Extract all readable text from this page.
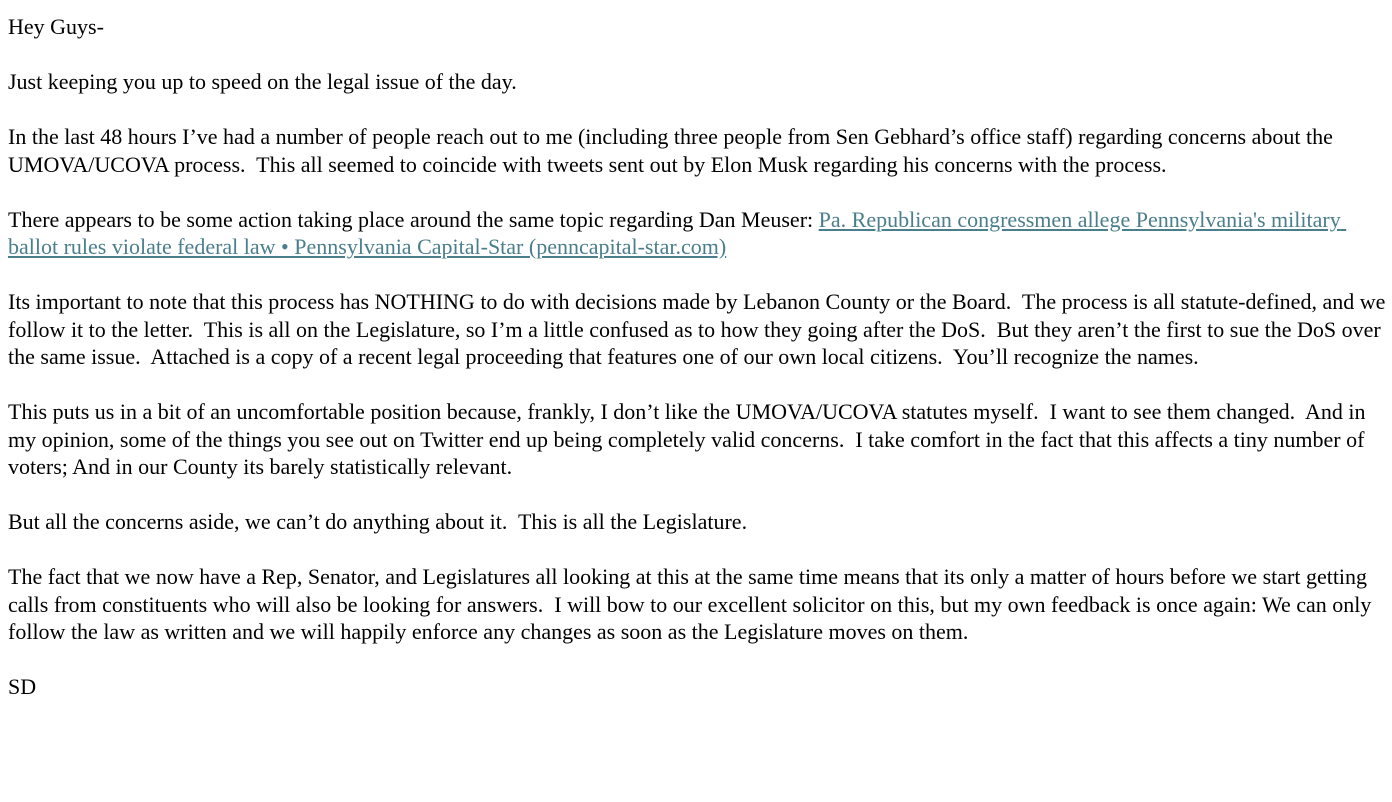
Hey Guys-

Just keeping you up to speed on the legal issue of the day.

In the last 48 hours I’ve had a number of people reach out to me (including three people from Sen Gebhard’s office staff) regarding concerns about the UMOVA/UCOVA process.  This all seemed to coincide with tweets sent out by Elon Musk regarding his concerns with the process.

There appears to be some action taking place around the same topic regarding Dan Meuser: Pa. Republican congressmen allege Pennsylvania's military ballot rules violate federal law • Pennsylvania Capital-Star (penncapital-star.com)

Its important to note that this process has NOTHING to do with decisions made by Lebanon County or the Board.  The process is all statute-defined, and we follow it to the letter.  This is all on the Legislature, so I’m a little confused as to how they going after the DoS.  But they aren’t the first to sue the DoS over the same issue.  Attached is a copy of a recent legal proceeding that features one of our own local citizens.  You’ll recognize the names.

This puts us in a bit of an uncomfortable position because, frankly, I don’t like the UMOVA/UCOVA statutes myself.  I want to see them changed.  And in my opinion, some of the things you see out on Twitter end up being completely valid concerns.  I take comfort in the fact that this affects a tiny number of voters; And in our County its barely statistically relevant.

But all the concerns aside, we can’t do anything about it.  This is all the Legislature.

The fact that we now have a Rep, Senator, and Legislatures all looking at this at the same time means that its only a matter of hours before we start getting calls from constituents who will also be looking for answers.  I will bow to our excellent solicitor on this, but my own feedback is once again: We can only follow the law as written and we will happily enforce any changes as soon as the Legislature moves on them.

SD
